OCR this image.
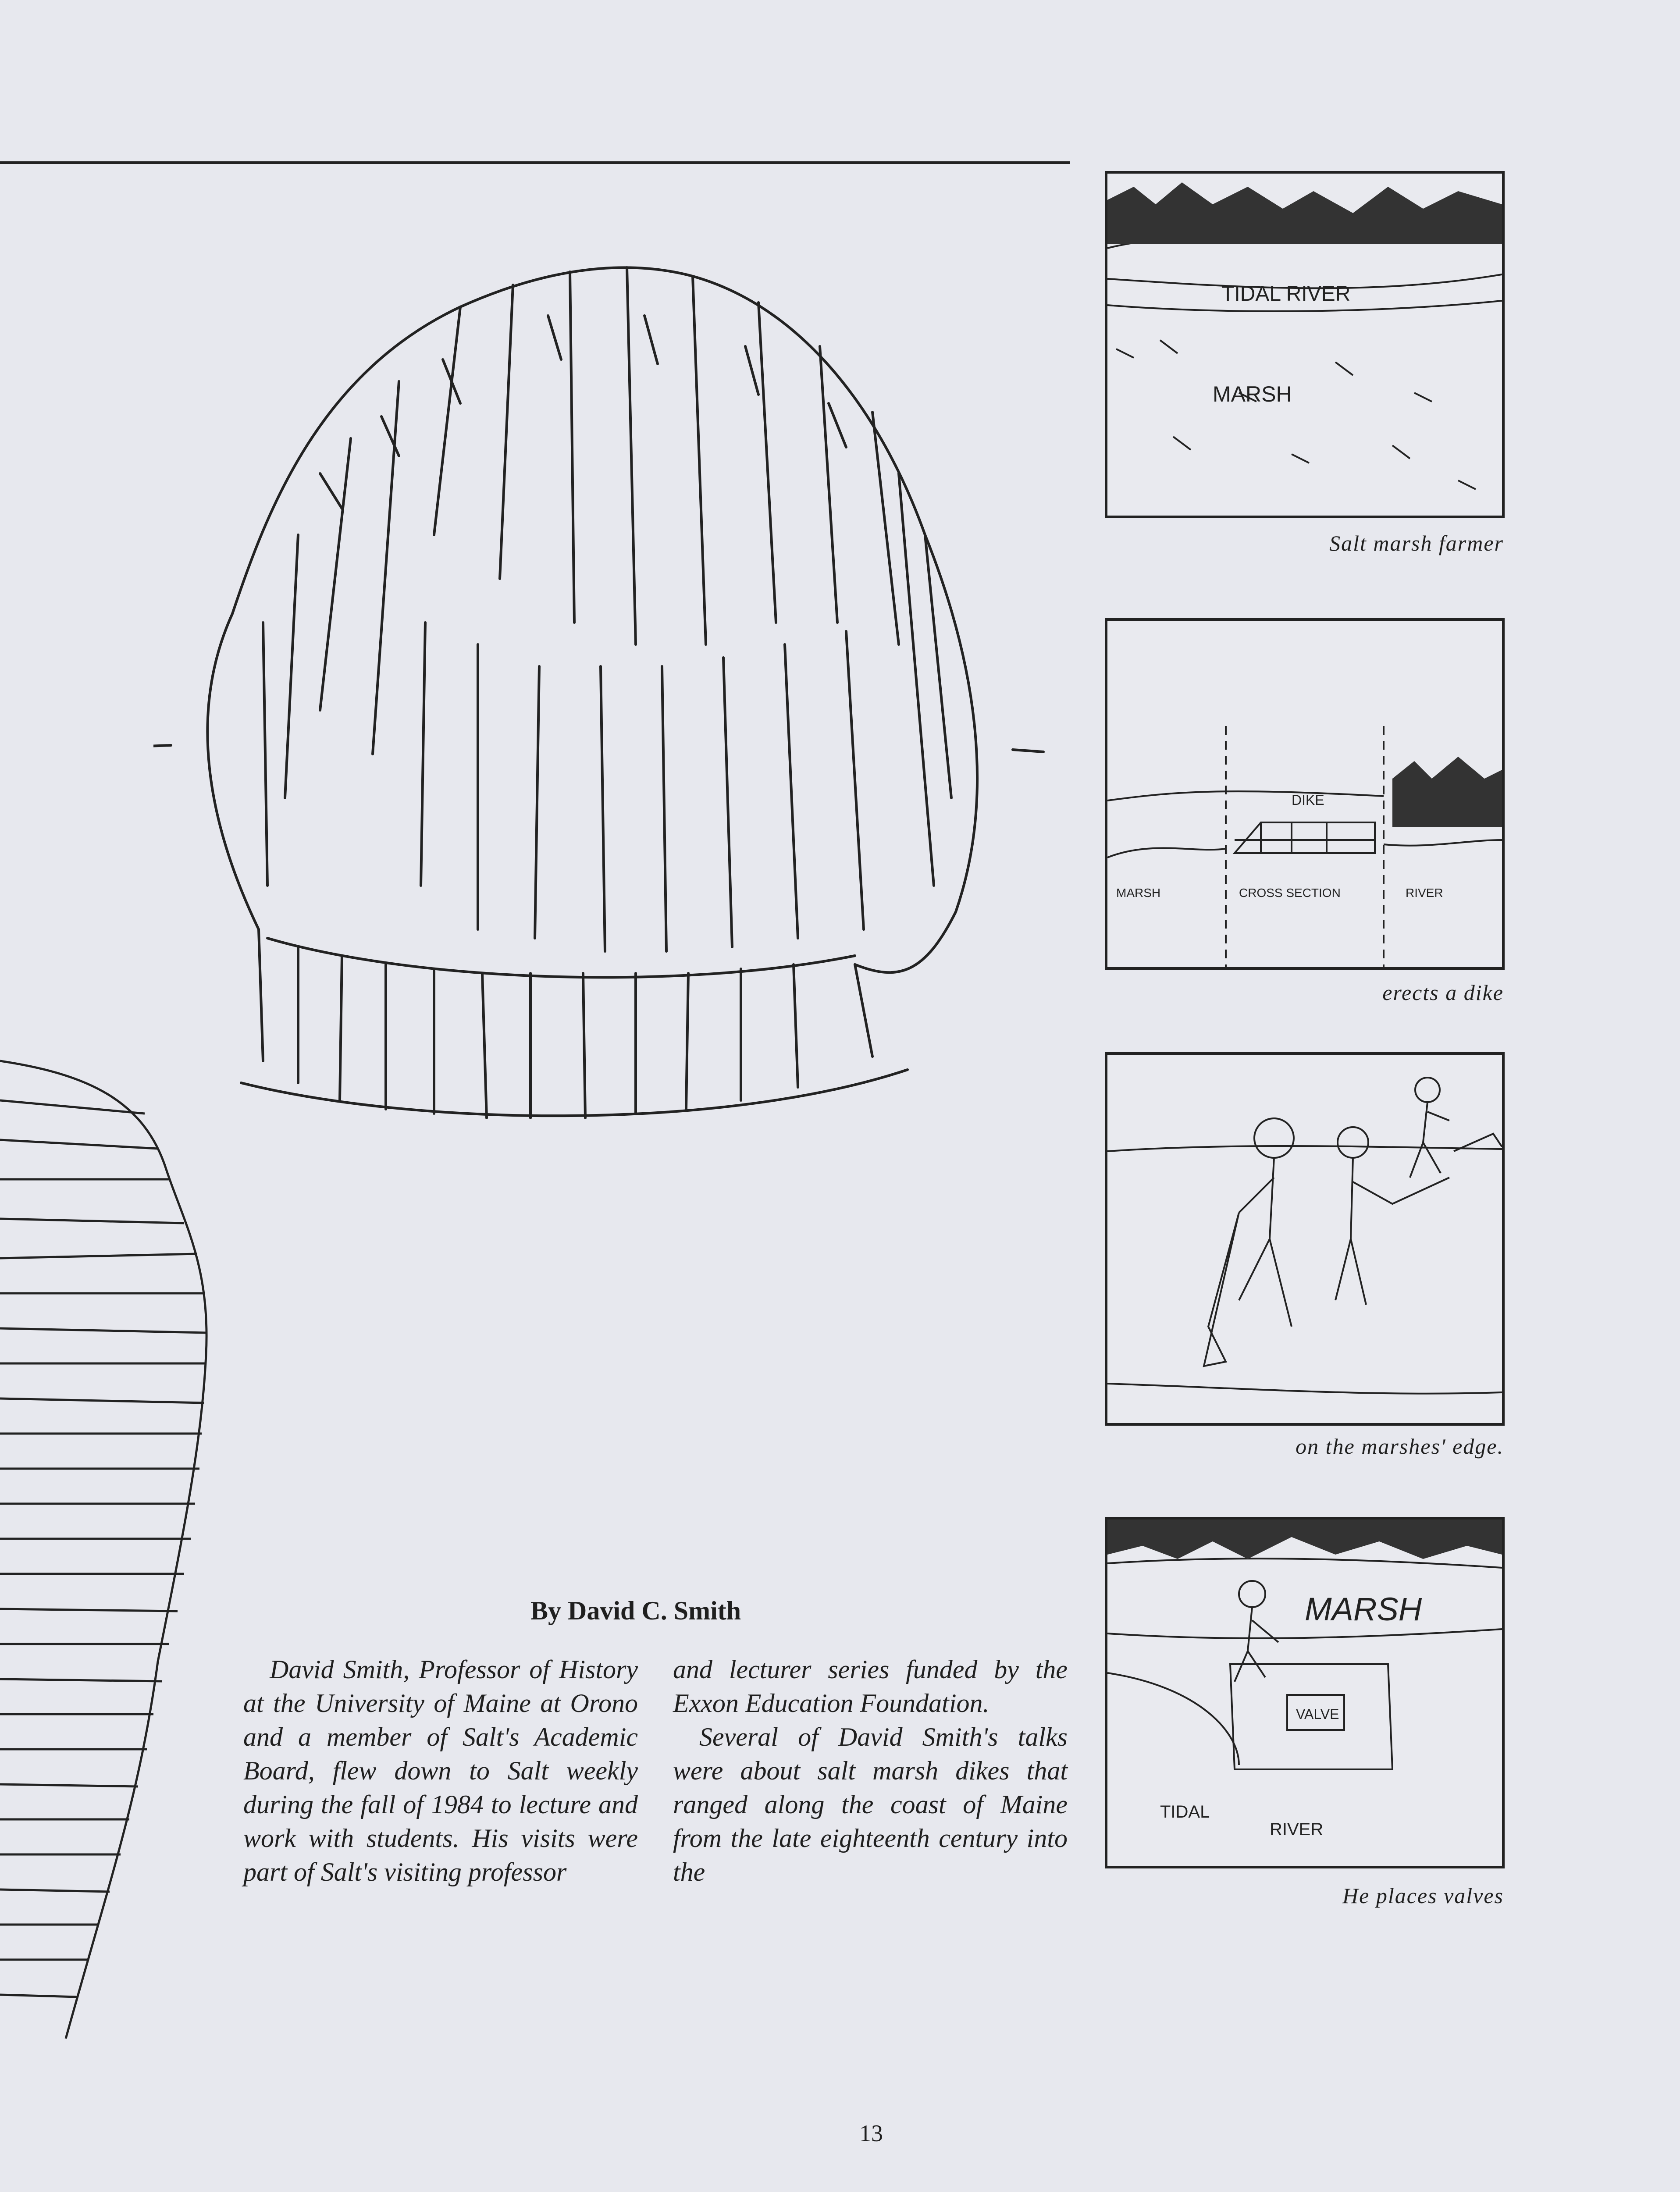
TIDAL RIVER
MARSH
Salt marsh farmer
DIKE
CROSS SECTION	RIVER
MARSH
erects a dike
on the marshes' edge.
VALVE
MARSH
TIDAL
RIVER
He places valves
By David C. Smith

David Smith, Professor of History at the University of Maine at Orono and a member of Salt's Academic Board, flew down to Salt weekly during the fall of 1984 to lecture and work with students. His visits were part of Salt's visiting professor

and lecturer series funded by the Exxon Education Foundation.

Several of David Smith's talks were about salt marsh dikes that ranged along the coast of Maine from the late eighteenth century into the

13
